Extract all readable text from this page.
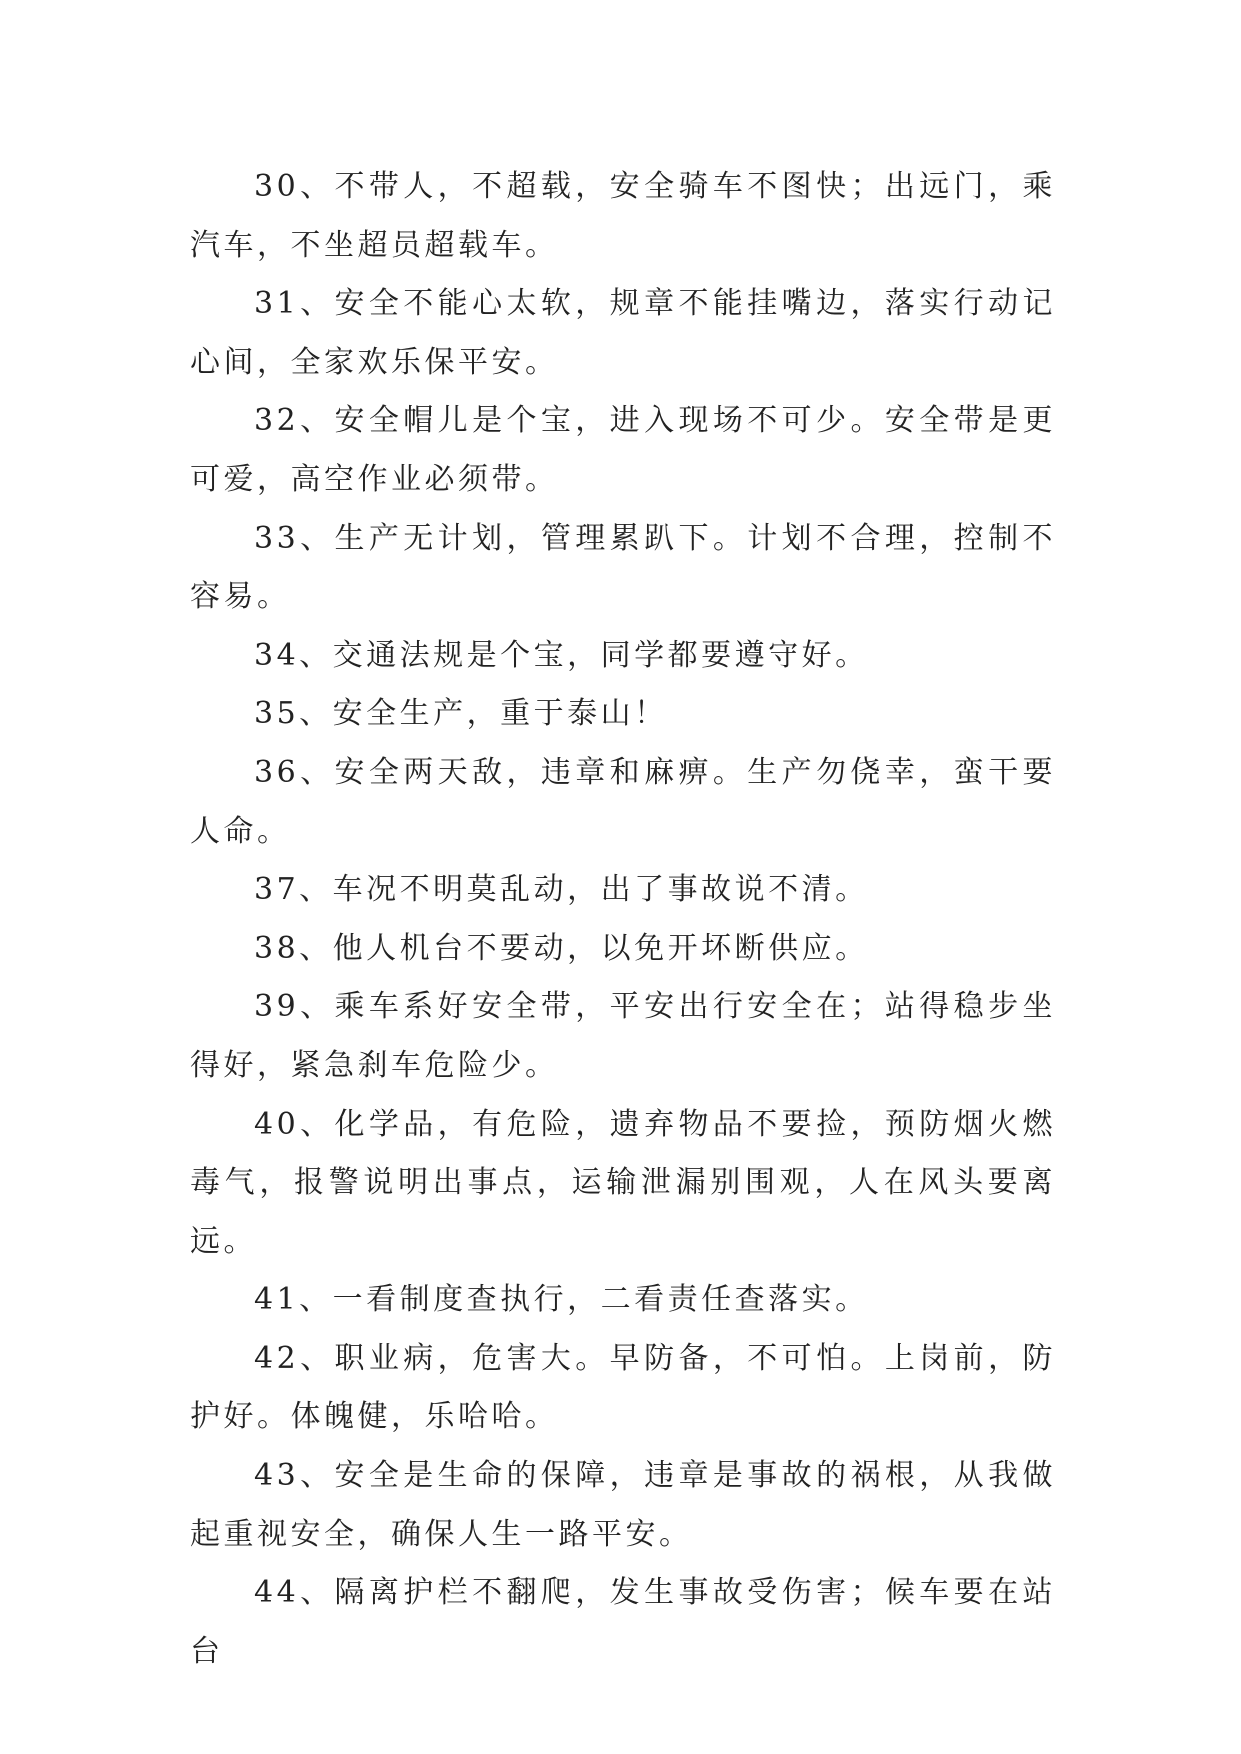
30、不带人，不超载，安全骑车不图快；出远门，乘汽车，不坐超员超载车。

31、安全不能心太软，规章不能挂嘴边，落实行动记心间，全家欢乐保平安。

32、安全帽儿是个宝，进入现场不可少。安全带是更可爱，高空作业必须带。

33、生产无计划，管理累趴下。计划不合理，控制不容易。

34、交通法规是个宝，同学都要遵守好。

35、安全生产，重于泰山！

36、安全两天敌，违章和麻痹。生产勿侥幸，蛮干要人命。

37、车况不明莫乱动，出了事故说不清。

38、他人机台不要动，以免开坏断供应。

39、乘车系好安全带，平安出行安全在；站得稳步坐得好，紧急刹车危险少。

40、化学品，有危险，遗弃物品不要捡，预防烟火燃毒气，报警说明出事点，运输泄漏别围观，人在风头要离远。

41、一看制度查执行，二看责任查落实。

42、职业病，危害大。早防备，不可怕。上岗前，防护好。体魄健，乐哈哈。

43、安全是生命的保障，违章是事故的祸根，从我做起重视安全，确保人生一路平安。

44、隔离护栏不翻爬，发生事故受伤害；候车要在站台
